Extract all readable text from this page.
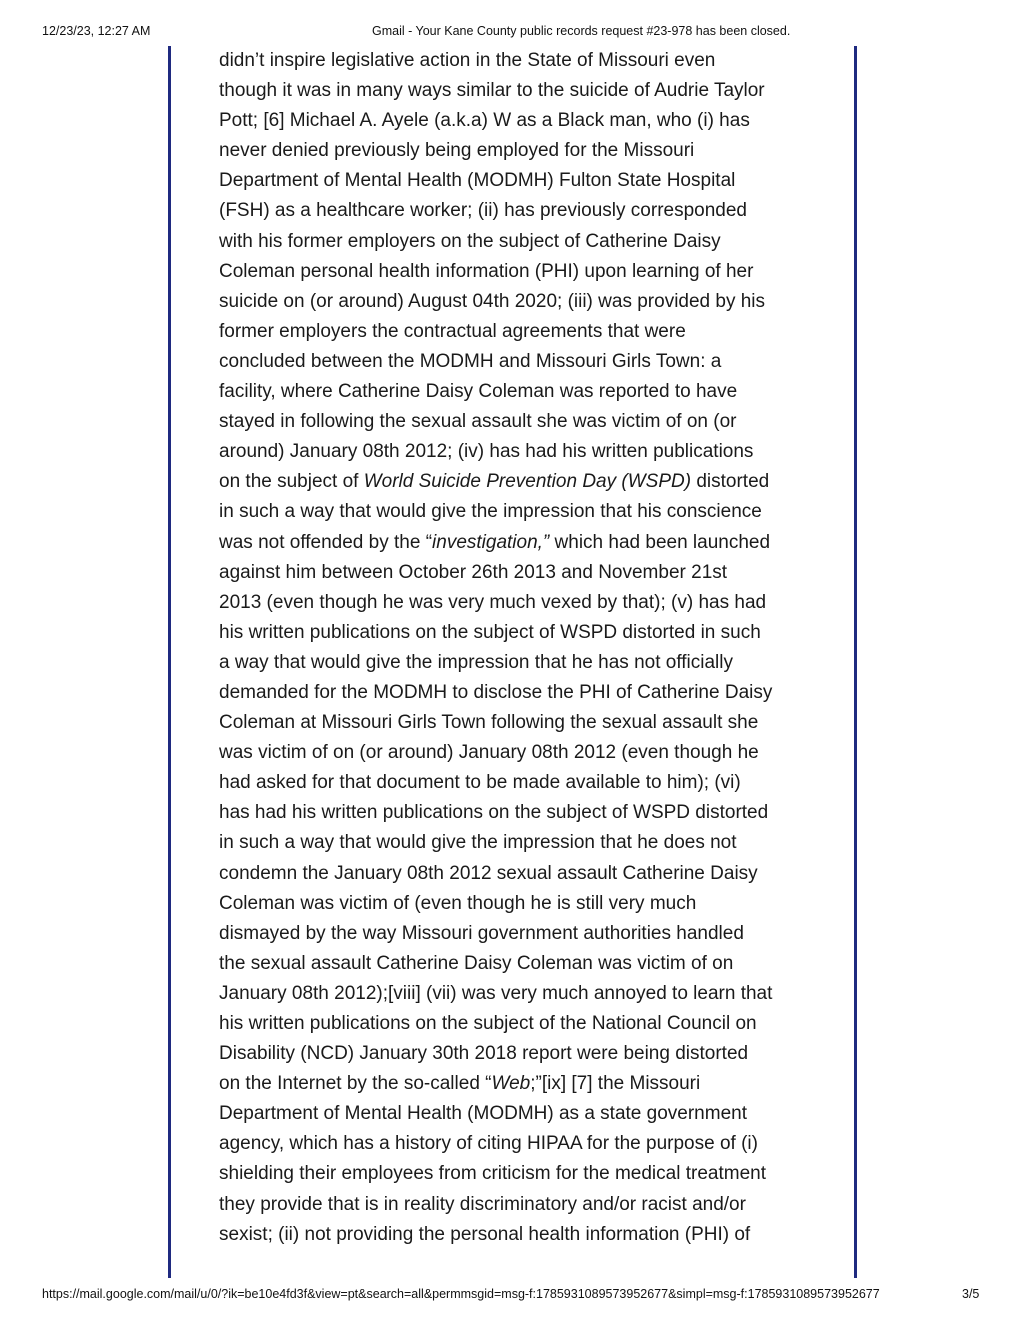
12/23/23, 12:27 AM	Gmail - Your Kane County public records request #23-978 has been closed.
didn’t inspire legislative action in the State of Missouri even
though it was in many ways similar to the suicide of Audrie Taylor
Pott; [6] Michael A. Ayele (a.k.a) W as a Black man, who (i) has
never denied previously being employed for the Missouri
Department of Mental Health (MODMH) Fulton State Hospital
(FSH) as a healthcare worker; (ii) has previously corresponded
with his former employers on the subject of Catherine Daisy
Coleman personal health information (PHI) upon learning of her
suicide on (or around) August 04th 2020; (iii) was provided by his
former employers the contractual agreements that were
concluded between the MODMH and Missouri Girls Town: a
facility, where Catherine Daisy Coleman was reported to have
stayed in following the sexual assault she was victim of on (or
around) January 08th 2012; (iv) has had his written publications
on the subject of World Suicide Prevention Day (WSPD) distorted
in such a way that would give the impression that his conscience
was not offended by the “investigation,” which had been launched
against him between October 26th 2013 and November 21st
2013 (even though he was very much vexed by that); (v) has had
his written publications on the subject of WSPD distorted in such
a way that would give the impression that he has not officially
demanded for the MODMH to disclose the PHI of Catherine Daisy
Coleman at Missouri Girls Town following the sexual assault she
was victim of on (or around) January 08th 2012 (even though he
had asked for that document to be made available to him); (vi)
has had his written publications on the subject of WSPD distorted
in such a way that would give the impression that he does not
condemn the January 08th 2012 sexual assault Catherine Daisy
Coleman was victim of (even though he is still very much
dismayed by the way Missouri government authorities handled
the sexual assault Catherine Daisy Coleman was victim of on
January 08th 2012);[viii] (vii) was very much annoyed to learn that
his written publications on the subject of the National Council on
Disability (NCD) January 30th 2018 report were being distorted
on the Internet by the so-called “Web;”[ix] [7] the Missouri
Department of Mental Health (MODMH) as a state government
agency, which has a history of citing HIPAA for the purpose of (i)
shielding their employees from criticism for the medical treatment
they provide that is in reality discriminatory and/or racist and/or
sexist; (ii) not providing the personal health information (PHI) of
https://mail.google.com/mail/u/0/?ik=be10e4fd3f&view=pt&search=all&permmsgid=msg-f:1785931089573952677&simpl=msg-f:1785931089573952677	3/5
